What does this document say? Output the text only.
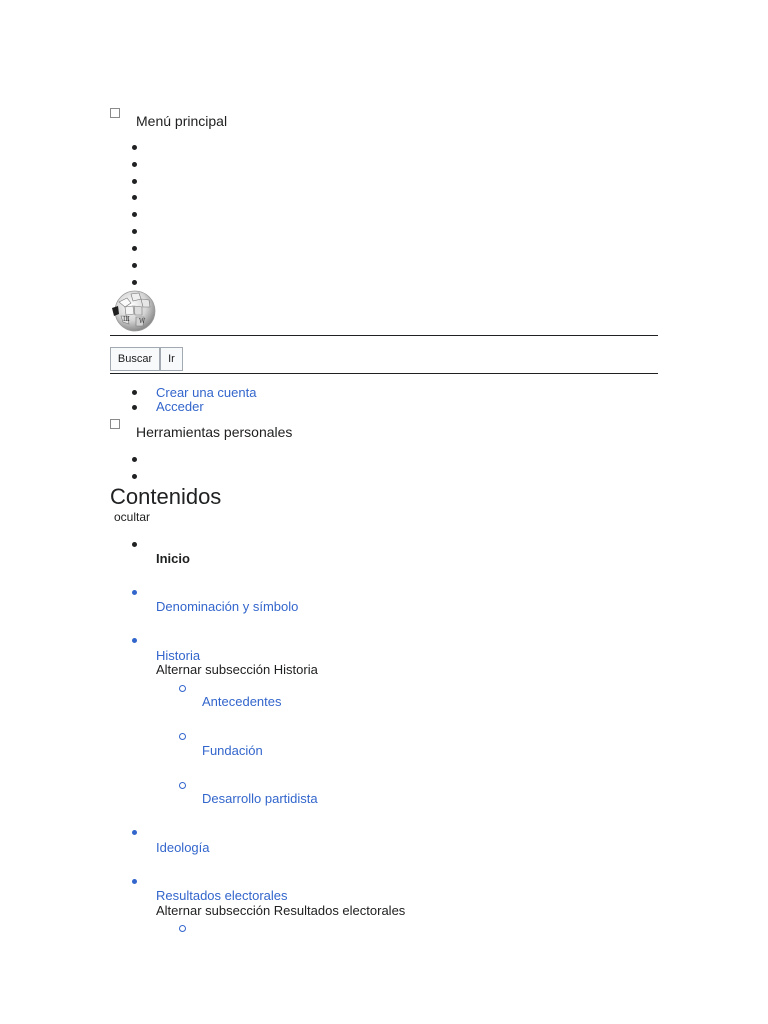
Menú principal
Ш W
Buscar	Ir
Crear una cuenta
Acceder
Herramientas personales
Contenidos
ocultar
Inicio
Denominación y símbolo
Historia
Alternar subsección Historia
Antecedentes
Fundación
Desarrollo partidista
Ideología
Resultados electorales
Alternar subsección Resultados electorales
